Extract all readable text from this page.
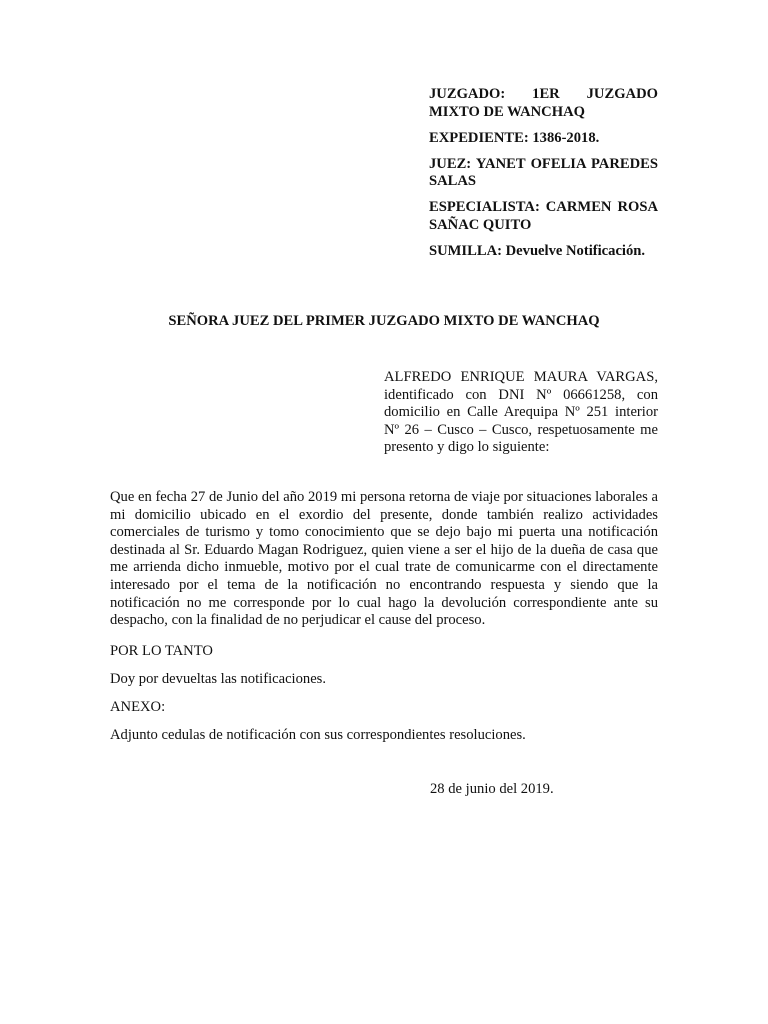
JUZGADO: 1ER JUZGADO MIXTO DE WANCHAQ

EXPEDIENTE: 1386-2018.

JUEZ: YANET OFELIA PAREDES SALAS

ESPECIALISTA: CARMEN ROSA SAÑAC QUITO

SUMILLA: Devuelve Notificación.

SEÑORA JUEZ DEL PRIMER JUZGADO MIXTO DE WANCHAQ
ALFREDO ENRIQUE MAURA VARGAS, identificado con DNI Nº 06661258, con domicilio en Calle Arequipa Nº 251 interior Nº 26 – Cusco – Cusco, respetuosamente me presento y digo lo siguiente:

Que en fecha 27 de Junio del año 2019 mi persona retorna de viaje por situaciones laborales a mi domicilio ubicado en el exordio del presente, donde también realizo actividades comerciales de turismo y tomo conocimiento que se dejo bajo mi puerta una notificación destinada al Sr. Eduardo Magan Rodriguez, quien viene a ser el hijo de la dueña de casa que me arrienda dicho inmueble, motivo por el cual trate de comunicarme con el directamente interesado por el tema de la notificación no encontrando respuesta y siendo que la notificación no me corresponde por lo cual hago la devolución correspondiente ante su despacho, con la finalidad de no perjudicar el cause del proceso.

POR LO TANTO
Doy por devueltas las notificaciones.
ANEXO:
Adjunto cedulas de notificación con sus correspondientes resoluciones.
28 de junio del 2019.
